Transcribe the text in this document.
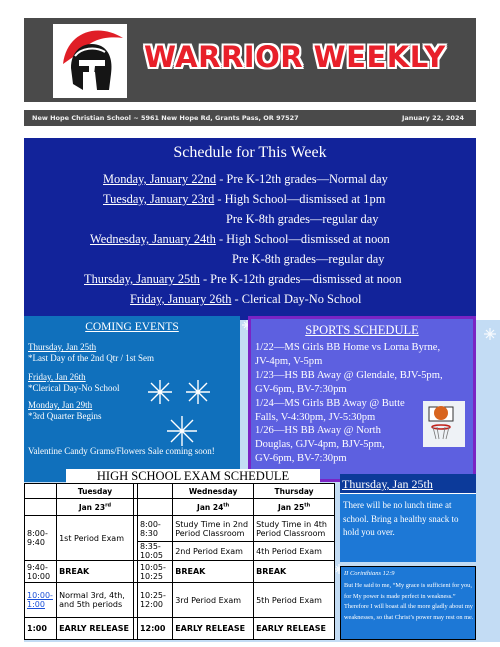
WARRIOR WEEKLY
New Hope Christian School ~ 5961 New Hope Rd, Grants Pass, OR 97527	January 22, 2024
Schedule for This Week
Monday, January 22nd - Pre K-12th grades—Normal day
Tuesday, January 23rd - High School—dismissed at 1pm
Pre K-8th grades—regular day
Wednesday, January 24th - High School—dismissed at noon
Pre K-8th grades—regular day
Thursday, January 25th - Pre K-12th grades—dismissed at noon
Friday, January 26th - Clerical Day-No School
COMING EVENTS
Thursday, Jan 25th
*Last Day of the 2nd Qtr / 1st Sem
Friday, Jan 26th
*Clerical Day-No School
Monday, Jan 29th
*3rd Quarter Begins
Valentine Candy Grams/Flowers Sale coming soon!
SPORTS SCHEDULE
1/22—MS Girls BB Home vs Lorna Byrne,
JV-4pm, V-5pm
1/23—HS BB Away @ Glendale, BJV-5pm,
GV-6pm, BV-7:30pm
1/24—MS Girls BB Away @ Butte
Falls, V-4:30pm, JV-5:30pm
1/26—HS BB Away @ North
Douglas, GJV-4pm, BJV-5pm,
GV-6pm, BV-7:30pm
HIGH SCHOOL EXAM SCHEDULE
	Tuesday			Wednesday	Thursday
	Jan 23rd			Jan 24th	Jan 25th
8:00-9:40	1st Period Exam		8:00-8:30	Study Time in 2nd Period Classroom	Study Time in 4th Period Classroom
			8:35-10:05	2nd Period Exam	4th Period Exam
9:40-10:00	BREAK		10:05-10:25	BREAK	BREAK
10:00-1:00	Normal 3rd, 4th, and 5th periods		10:25-12:00	3rd Period Exam	5th Period Exam
1:00	EARLY RELEASE		12:00	EARLY RELEASE	EARLY RELEASE
Thursday, Jan 25th

There will be no lunch time at school. Bring a healthy snack to hold you over.

II Corinthians 12:9

But He said to me, “My grace is sufficient for you, for My power is made perfect in weakness.” Therefore I will boast all the more gladly about my weaknesses, so that Christ’s power may rest on me.
